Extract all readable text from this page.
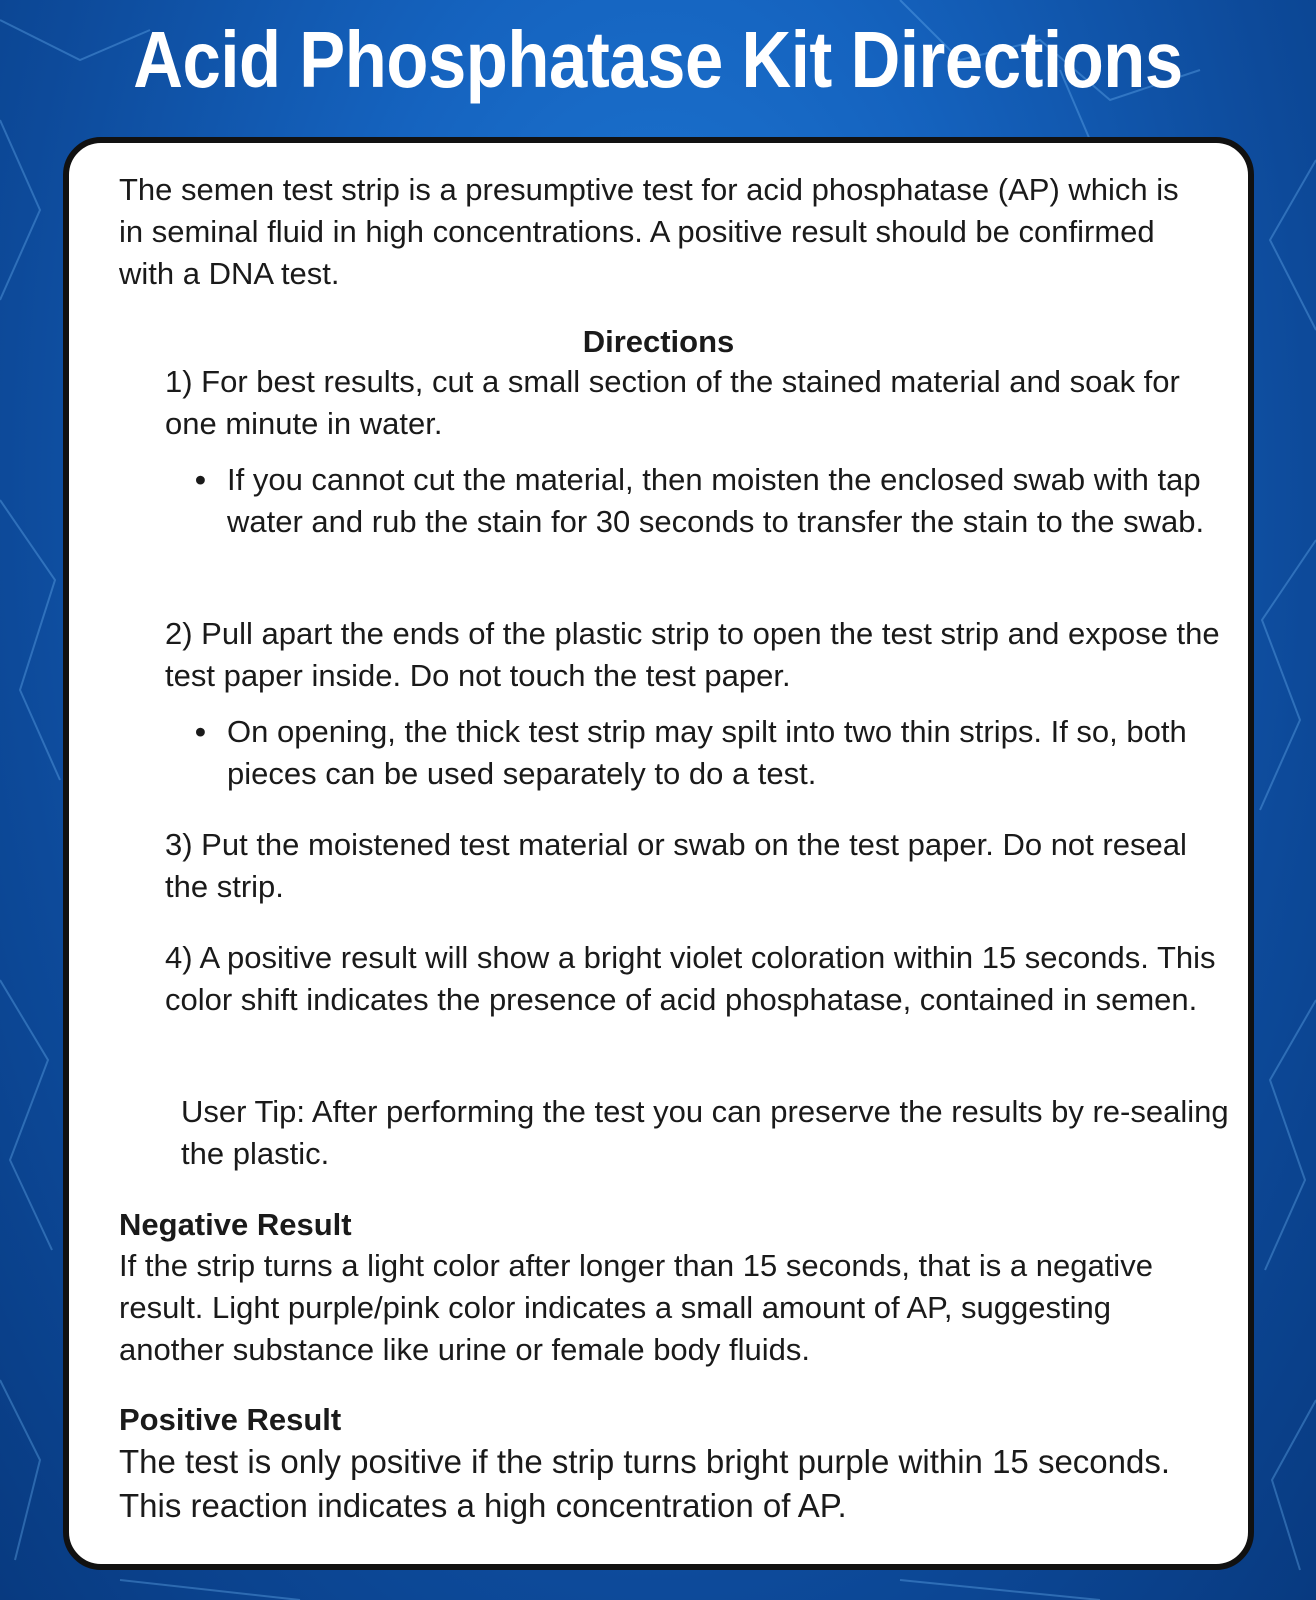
Acid Phosphatase Kit Directions

The semen test strip is a presumptive test for acid phosphatase (AP) which is in seminal fluid in high concentrations. A positive result should be confirmed with a DNA test.

Directions

1) For best results, cut a small section of the stained material and soak for one minute in water.

• If you cannot cut the material, then moisten the enclosed swab with tap water and rub the stain for 30 seconds to transfer the stain to the swab.

2) Pull apart the ends of the plastic strip to open the test strip and expose the test paper inside. Do not touch the test paper.

• On opening, the thick test strip may spilt into two thin strips. If so, both pieces can be used separately to do a test.

3) Put the moistened test material or swab on the test paper. Do not reseal the strip.

4) A positive result will show a bright violet coloration within 15 seconds. This color shift indicates the presence of acid phosphatase, contained in semen.

User Tip: After performing the test you can preserve the results by re-sealing the plastic.

Negative Result

If the strip turns a light color after longer than 15 seconds, that is a negative result. Light purple/pink color indicates a small amount of AP, suggesting another substance like urine or female body fluids.

Positive Result

The test is only positive if the strip turns bright purple within 15 seconds. This reaction indicates a high concentration of AP.
